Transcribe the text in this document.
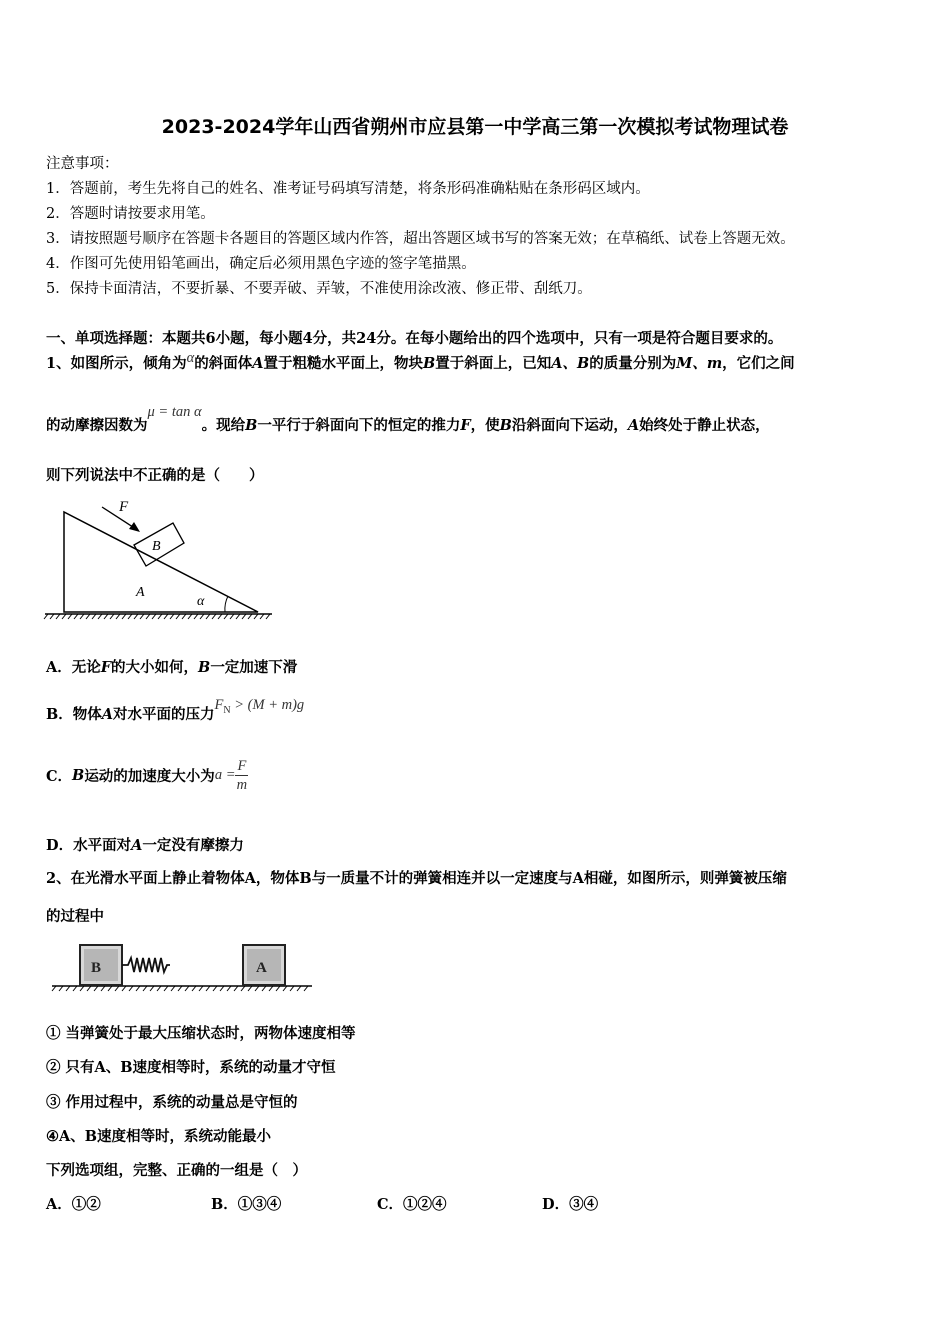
2023-2024学年山西省朔州市应县第一中学高三第一次模拟考试物理试卷
注意事项：
1．答题前，考生先将自己的姓名、准考证号码填写清楚，将条形码准确粘贴在条形码区域内。
2．答题时请按要求用笔。
3．请按照题号顺序在答题卡各题目的答题区域内作答，超出答题区域书写的答案无效；在草稿纸、试卷上答题无效。
4．作图可先使用铅笔画出，确定后必须用黑色字迹的签字笔描黑。
5．保持卡面清洁，不要折暴、不要弄破、弄皱，不准使用涂改液、修正带、刮纸刀。
一、单项选择题：本题共6小题，每小题4分，共24分。在每小题给出的四个选项中，只有一项是符合题目要求的。
1、如图所示，倾角为α的斜面体A置于粗糙水平面上，物块B置于斜面上，已知A、B的质量分别为M、m，它们之间
的动摩擦因数为μ = tan α。现给B一平行于斜面向下的恒定的推力F，使B沿斜面向下运动，A始终处于静止状态，
则下列说法中不正确的是（　　）
F
B
A
α
A．无论F的大小如何，B一定加速下滑
B．物体A对水平面的压力$F_N > (M + m)g$
C．B运动的加速度大小为$a = \frac{F}{m}$
D．水平面对A一定没有摩擦力
2、在光滑水平面上静止着物体A，物体B与一质量不计的弹簧相连并以一定速度与A相碰，如图所示，则弹簧被压缩
的过程中
B	A
① 当弹簧处于最大压缩状态时，两物体速度相等
② 只有A、B速度相等时，系统的动量才守恒
③ 作用过程中，系统的动量总是守恒的
④A、B速度相等时，系统动能最小
下列选项组，完整、正确的一组是（　）
A．①②	B．①③④	C．①②④	D．③④
